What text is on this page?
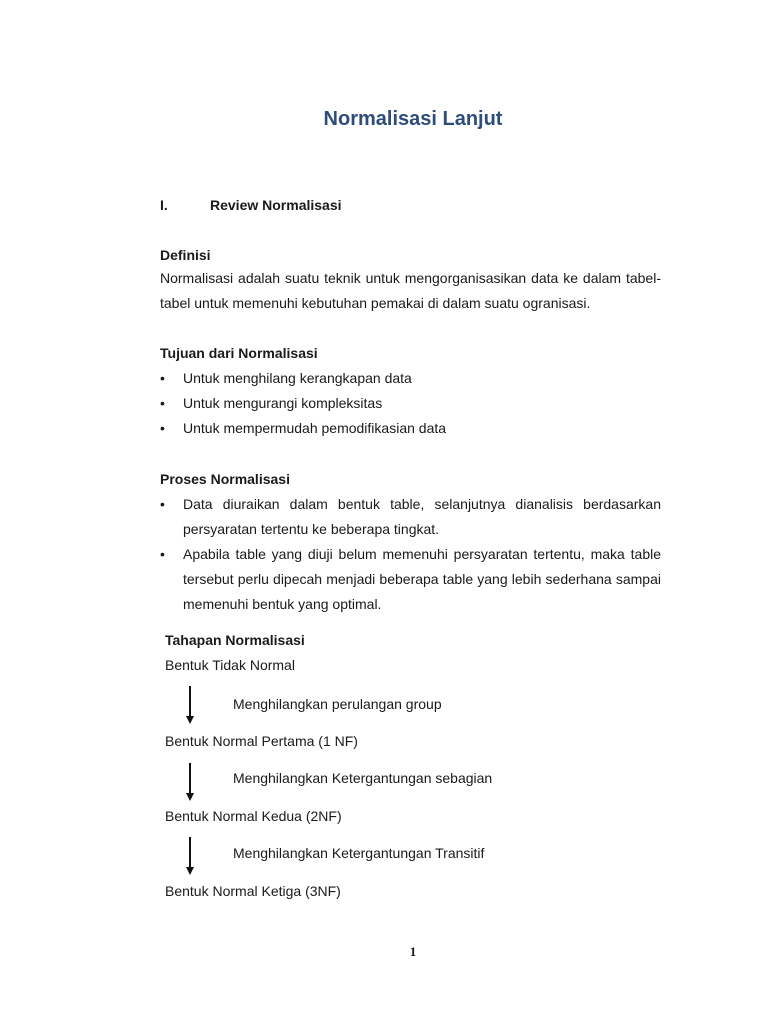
Normalisasi Lanjut
I.	Review Normalisasi
Definisi
Normalisasi adalah suatu teknik untuk mengorganisasikan data ke dalam tabel-tabel untuk memenuhi kebutuhan pemakai di dalam suatu ogranisasi.
Tujuan dari Normalisasi
• Untuk menghilang kerangkapan data
• Untuk mengurangi kompleksitas
• Untuk mempermudah pemodifikasian data
Proses Normalisasi
• Data diuraikan dalam bentuk table, selanjutnya dianalisis berdasarkan persyaratan tertentu ke beberapa tingkat.
• Apabila table yang diuji belum memenuhi persyaratan tertentu, maka table tersebut perlu dipecah menjadi beberapa table yang lebih sederhana sampai memenuhi bentuk yang optimal.
Tahapan Normalisasi
Bentuk Tidak Normal
Menghilangkan perulangan group
Bentuk Normal Pertama (1 NF)
Menghilangkan Ketergantungan sebagian
Bentuk Normal Kedua (2NF)
Menghilangkan Ketergantungan Transitif
Bentuk Normal Ketiga (3NF)
1
